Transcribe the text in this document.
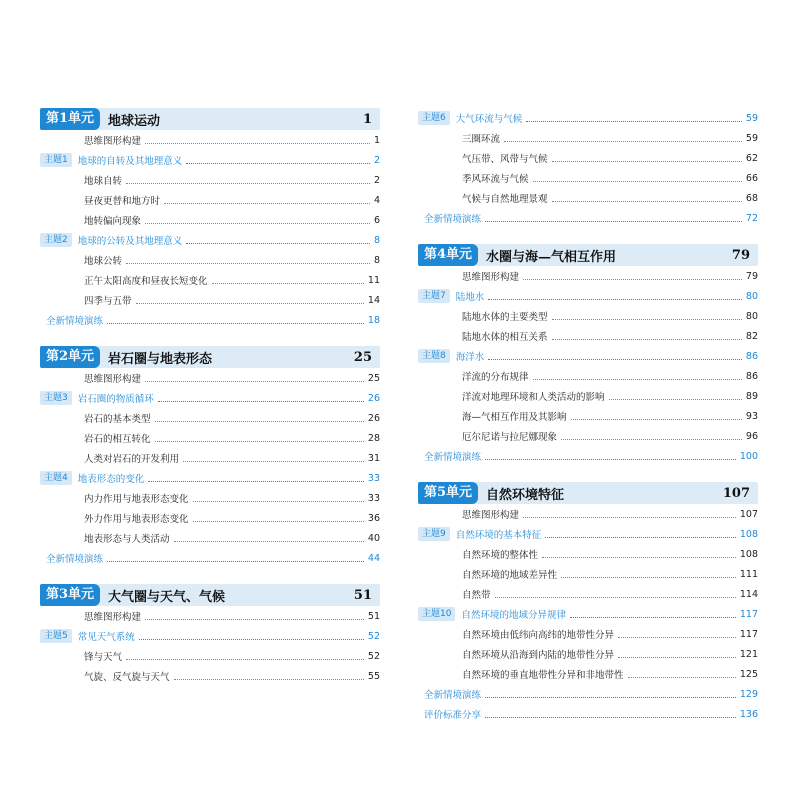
第1单元	地球运动	1
思维图形构建	1
主题1	地球的自转及其地理意义	2
地球自转	2
昼夜更替和地方时	4
地转偏向现象	6
主题2	地球的公转及其地理意义	8
地球公转	8
正午太阳高度和昼夜长短变化	11
四季与五带	14
全新情境演练	18
第2单元	岩石圈与地表形态	25
思维图形构建	25
主题3	岩石圈的物质循环	26
岩石的基本类型	26
岩石的相互转化	28
人类对岩石的开发利用	31
主题4	地表形态的变化	33
内力作用与地表形态变化	33
外力作用与地表形态变化	36
地表形态与人类活动	40
全新情境演练	44
第3单元	大气圈与天气、气候	51
思维图形构建	51
主题5	常见天气系统	52
锋与天气	52
气旋、反气旋与天气	55
主题6	大气环流与气候	59
三圈环流	59
气压带、风带与气候	62
季风环流与气候	66
气候与自然地理景观	68
全新情境演练	72
第4单元	水圈与海—气相互作用	79
思维图形构建	79
主题7	陆地水	80
陆地水体的主要类型	80
陆地水体的相互关系	82
主题8	海洋水	86
洋流的分布规律	86
洋流对地理环境和人类活动的影响	89
海—气相互作用及其影响	93
厄尔尼诺与拉尼娜现象	96
全新情境演练	100
第5单元	自然环境特征	107
思维图形构建	107
主题9	自然环境的基本特征	108
自然环境的整体性	108
自然环境的地域差异性	111
自然带	114
主题10	自然环境的地域分异规律	117
自然环境由低纬向高纬的地带性分异	117
自然环境从沿海到内陆的地带性分异	121
自然环境的垂直地带性分异和非地带性	125
全新情境演练	129
评价标准分享	136
